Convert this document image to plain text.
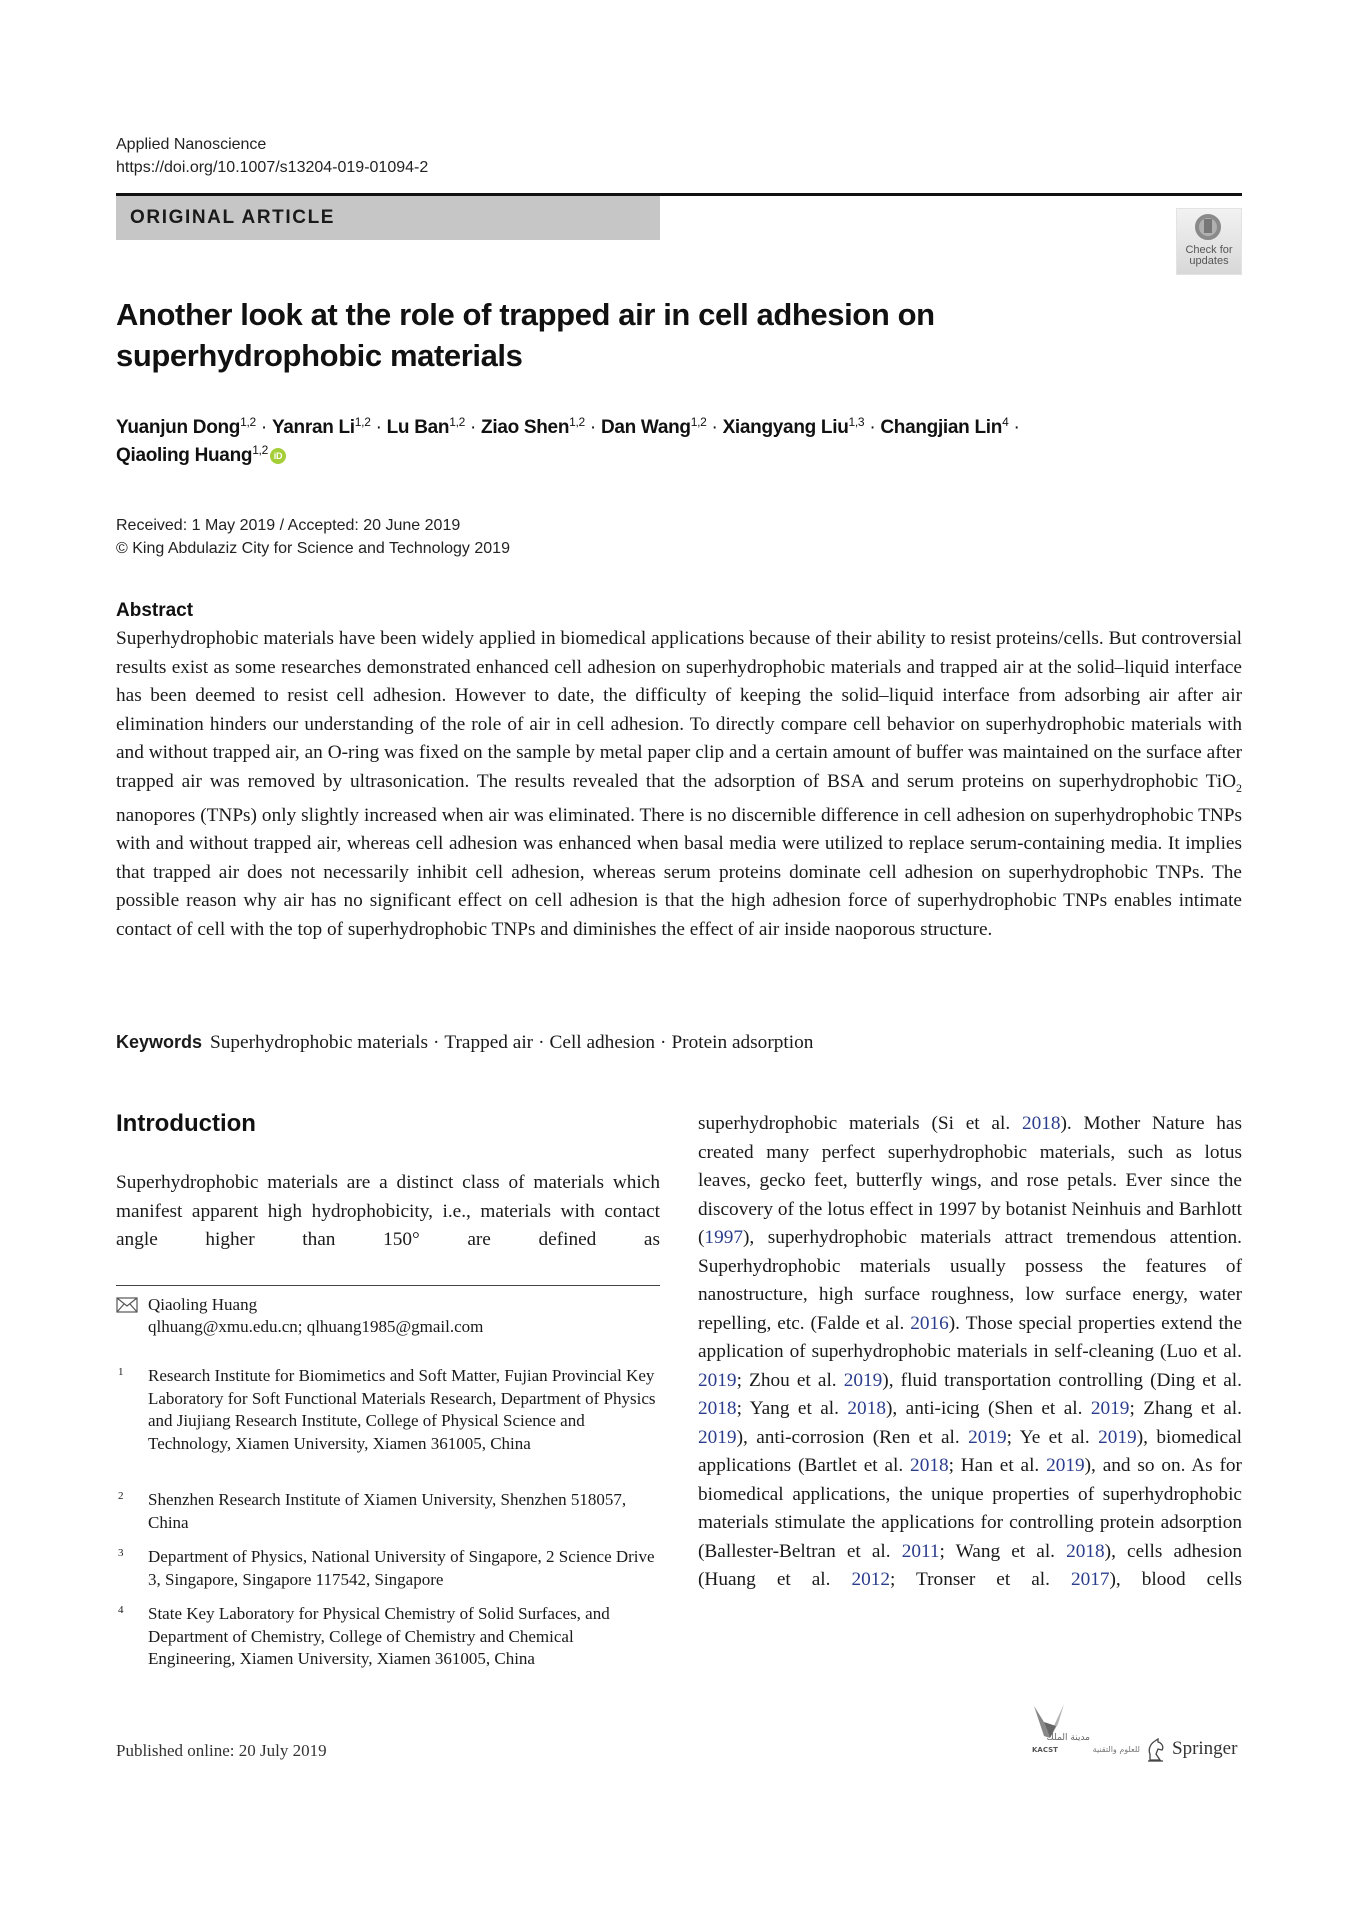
Applied Nanoscience
https://doi.org/10.1007/s13204-019-01094-2
ORIGINAL ARTICLE
Check for
updates
Another look at the role of trapped air in cell adhesion on superhydrophobic materials
Yuanjun Dong$^{1,2}$ · Yanran Li$^{1,2}$ · Lu Ban$^{1,2}$ · Ziao Shen$^{1,2}$ · Dan Wang$^{1,2}$ · Xiangyang Liu$^{1,3}$ · Changjian Lin$^4$ ·
Qiaoling Huang$^{1,2}$ iD
Received: 1 May 2019 / Accepted: 20 June 2019
© King Abdulaziz City for Science and Technology 2019
Abstract
Superhydrophobic materials have been widely applied in biomedical applications because of their ability to resist proteins/cells. But controversial results exist as some researches demonstrated enhanced cell adhesion on superhydrophobic materials and trapped air at the solid–liquid interface has been deemed to resist cell adhesion. However to date, the difficulty of keeping the solid–liquid interface from adsorbing air after air elimination hinders our understanding of the role of air in cell adhesion. To directly compare cell behavior on superhydrophobic materials with and without trapped air, an O-ring was fixed on the sample by metal paper clip and a certain amount of buffer was maintained on the surface after trapped air was removed by ultrasonication. The results revealed that the adsorption of BSA and serum proteins on superhydrophobic TiO$_2$ nanopores (TNPs) only slightly increased when air was eliminated. There is no discernible difference in cell adhesion on superhydrophobic TNPs with and without trapped air, whereas cell adhesion was enhanced when basal media were utilized to replace serum-containing media. It implies that trapped air does not necessarily inhibit cell adhesion, whereas serum proteins dominate cell adhesion on superhydrophobic TNPs. The possible reason why air has no significant effect on cell adhesion is that the high adhesion force of superhydrophobic TNPs enables intimate contact of cell with the top of superhydrophobic TNPs and diminishes the effect of air inside naoporous structure.
Keywords Superhydrophobic materials · Trapped air · Cell adhesion · Protein adsorption
Introduction

Superhydrophobic materials are a distinct class of materials which manifest apparent high hydrophobicity, i.e., materials with contact angle higher than 150° are defined as

Qiaoling Huang
qlhuang@xmu.edu.cn; qlhuang1985@gmail.com
1 Research Institute for Biomimetics and Soft Matter, Fujian Provincial Key Laboratory for Soft Functional Materials Research, Department of Physics and Jiujiang Research Institute, College of Physical Science and Technology, Xiamen University, Xiamen 361005, China
2 Shenzhen Research Institute of Xiamen University, Shenzhen 518057, China
3 Department of Physics, National University of Singapore, 2 Science Drive 3, Singapore, Singapore 117542, Singapore
4 State Key Laboratory for Physical Chemistry of Solid Surfaces, and Department of Chemistry, College of Chemistry and Chemical Engineering, Xiamen University, Xiamen 361005, China
Published online: 20 July 2019
superhydrophobic materials (Si et al. 2018). Mother Nature has created many perfect superhydrophobic materials, such as lotus leaves, gecko feet, butterfly wings, and rose petals. Ever since the discovery of the lotus effect in 1997 by botanist Neinhuis and Barhlott (1997), superhydrophobic materials attract tremendous attention. Superhydrophobic materials usually possess the features of nanostructure, high surface roughness, low surface energy, water repelling, etc. (Falde et al. 2016). Those special properties extend the application of superhydrophobic materials in self-cleaning (Luo et al. 2019; Zhou et al. 2019), fluid transportation controlling (Ding et al. 2018; Yang et al. 2018), anti-icing (Shen et al. 2019; Zhang et al. 2019), anti-corrosion (Ren et al. 2019; Ye et al. 2019), biomedical applications (Bartlet et al. 2018; Han et al. 2019), and so on. As for biomedical applications, the unique properties of superhydrophobic materials stimulate the applications for controlling protein adsorption (Ballester-Beltran et al. 2011; Wang et al. 2018), cells adhesion (Huang et al. 2012; Tronser et al. 2017), blood cells
ﻣﺪﻳﻨﺔ ﺍﻟﻤﻠﻚ
KACST	ﻟﻠﻌﻠﻮﻡ ﻭﺍﻟﺘﻘﻨﻴﺔ Springer
